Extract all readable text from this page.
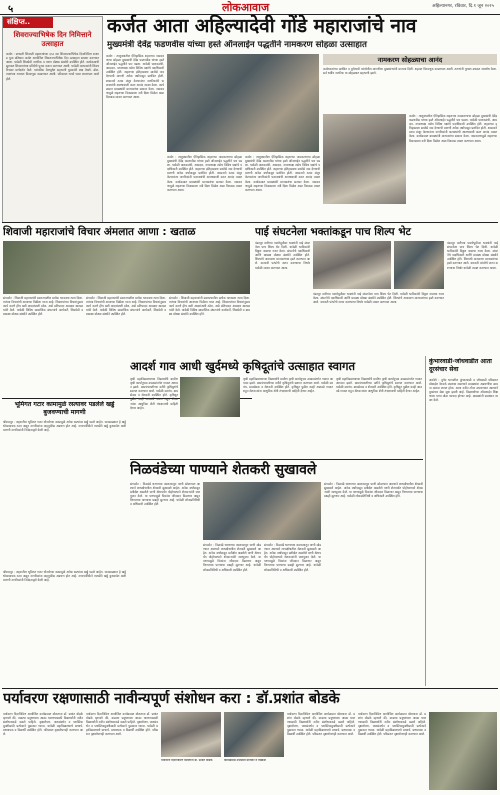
५	लोकआवाज	अहिल्यानगर, रविवार, दि.१ जून २०२५
संक्षिप्त..
शिवराज्याभिषेक दिन निमित्ताने उत्साहात
कर्जत : छत्रपती शिवाजी महाराजांच्या ३५२ व्या शिवराज्याभिषेक दिनानिमित्त राजगड युवा प्रतिष्ठान कर्जत आयोजित शिवराज्याभिषेक दिन उत्साहात साजरा करण्यात आला. यावेळी शिवप्रेमी नागरिक व तरुण मोठ्या संख्येने उपस्थित होते. कार्यक्रमाची सुरुवात शिवरायांच्या प्रतिमेचे पूजन करून करण्यात आली. यावेळी मान्यवरांनी शिवचरित्रावर मार्गदर्शन केले. पारंपरिक वेशभूषेत सहभागी युवकांनी लक्ष वेधले. ढोल-ताशांच्या गजरात मिरवणूक काढण्यात आली. परिसरात भगवे ध्वज लावण्यात आले होते.
कर्जत आता अहिल्यादेवी गोंडे महाराजांचे नाव
मुख्यमंत्री देवेंद्र फडणवीस यांच्या हस्ते ऑनलाईन पद्धतीने नामकरण सोहळा उत्साहात
कर्जत : तालुक्यातील ऐतिहासिक शहराच्या नामकरणाचा सोहळा मुख्यमंत्री देवेंद्र फडणवीस यांच्या हस्ते ऑनलाईन पद्धतीने पार पडला. यावेळी पालकमंत्री, आमदार, नगराध्यक्ष तसेच विविध पक्षांचे पदाधिकारी उपस्थित होते. शहराच्या इतिहासाला साजेसे नाव देण्याची मागणी अनेक वर्षांपासून प्रलंबित होती. शासनाने ठराव मंजूर केल्यानंतर नागरिकांनी फटाक्यांची आतषबाजी करत आनंद व्यक्त केला. कार्यक्रमात ग्रामस्थांनी मान्यवरांचा सत्कार केला. नामकरणामुळे शहराच्या विकासाला नवी दिशा मिळेल असा विश्वास व्यक्त करण्यात आला.
कर्जत : तालुक्यातील ऐतिहासिक शहराच्या नामकरणाचा सोहळा मुख्यमंत्री देवेंद्र फडणवीस यांच्या हस्ते ऑनलाईन पद्धतीने पार पडला. यावेळी पालकमंत्री, आमदार, नगराध्यक्ष तसेच विविध पक्षांचे पदाधिकारी उपस्थित होते. शहराच्या इतिहासाला साजेसे नाव देण्याची मागणी अनेक वर्षांपासून प्रलंबित होती. शासनाने ठराव मंजूर केल्यानंतर नागरिकांनी फटाक्यांची आतषबाजी करत आनंद व्यक्त केला. कार्यक्रमात ग्रामस्थांनी मान्यवरांचा सत्कार केला. नामकरणामुळे शहराच्या विकासाला नवी दिशा मिळेल असा विश्वास व्यक्त करण्यात आला.
कर्जत : तालुक्यातील ऐतिहासिक शहराच्या नामकरणाचा सोहळा मुख्यमंत्री देवेंद्र फडणवीस यांच्या हस्ते ऑनलाईन पद्धतीने पार पडला. यावेळी पालकमंत्री, आमदार, नगराध्यक्ष तसेच विविध पक्षांचे पदाधिकारी उपस्थित होते. शहराच्या इतिहासाला साजेसे नाव देण्याची मागणी अनेक वर्षांपासून प्रलंबित होती. शासनाने ठराव मंजूर केल्यानंतर नागरिकांनी फटाक्यांची आतषबाजी करत आनंद व्यक्त केला. कार्यक्रमात ग्रामस्थांनी मान्यवरांचा सत्कार केला. नामकरणामुळे शहराच्या विकासाला नवी दिशा मिळेल असा विश्वास व्यक्त करण्यात आला.
नामकरण सोहळ्याचा आनंद
कर्जतकरांच्या प्रलंबित व पुरोगामी परंपरेतील मागणीला मुख्यमंत्र्यांनी मान्यता दिली. शहरात मिरवणूक काढण्यात आली. तरुणांनी गुलाल उधळत जल्लोष केला. सर्व धर्मीय नागरिक या सोहळ्यात सहभागी झाले.
कर्जत : तालुक्यातील ऐतिहासिक शहराच्या नामकरणाचा सोहळा मुख्यमंत्री देवेंद्र फडणवीस यांच्या हस्ते ऑनलाईन पद्धतीने पार पडला. यावेळी पालकमंत्री, आमदार, नगराध्यक्ष तसेच विविध पक्षांचे पदाधिकारी उपस्थित होते. शहराच्या इतिहासाला साजेसे नाव देण्याची मागणी अनेक वर्षांपासून प्रलंबित होती. शासनाने ठराव मंजूर केल्यानंतर नागरिकांनी फटाक्यांची आतषबाजी करत आनंद व्यक्त केला. कार्यक्रमात ग्रामस्थांनी मान्यवरांचा सत्कार केला. नामकरणामुळे शहराच्या विकासाला नवी दिशा मिळेल असा विश्वास व्यक्त करण्यात आला.
शिवाजी महाराजांचे विचार अंमलात आणा : खताळ
संगमनेर : शिवाजी महाराजांनी स्वराज्यातील प्रत्येक घटकाला न्याय दिला. त्यांच्या विचारांची आजच्या पिढीला गरज आहे. शिवरायांच्या विचारांनुसार कार्य करणे हीच खरी आदरांजली ठरेल, असे प्रतिपादन आमदार खताळ यांनी केले. यावेळी विविध सामाजिक संघटनांचे कार्यकर्ते, शिवप्रेमी व ग्रामस्थ मोठ्या संख्येने उपस्थित होते.
संगमनेर : शिवाजी महाराजांनी स्वराज्यातील प्रत्येक घटकाला न्याय दिला. त्यांच्या विचारांची आजच्या पिढीला गरज आहे. शिवरायांच्या विचारांनुसार कार्य करणे हीच खरी आदरांजली ठरेल, असे प्रतिपादन आमदार खताळ यांनी केले. यावेळी विविध सामाजिक संघटनांचे कार्यकर्ते, शिवप्रेमी व ग्रामस्थ मोठ्या संख्येने उपस्थित होते.
संगमनेर : शिवाजी महाराजांनी स्वराज्यातील प्रत्येक घटकाला न्याय दिला. त्यांच्या विचारांची आजच्या पिढीला गरज आहे. शिवरायांच्या विचारांनुसार कार्य करणे हीच खरी आदरांजली ठरेल, असे प्रतिपादन आमदार खताळ यांनी केले. यावेळी विविध सामाजिक संघटनांचे कार्यकर्ते, शिवप्रेमी व ग्रामस्थ मोठ्या संख्येने उपस्थित होते.
पाई संघटनेला भक्तांकडून पाच शिल्प भेट
पंढरपूर वारीच्या पार्श्वभूमीवर भक्तांनी पाई संघटनेला पाच शिल्प भेट दिली. यावेळी भाविकांनी विठ्ठल नामाचा गजर केला. संघटनेचे पदाधिकारी आणि ग्रामस्थ मोठ्या संख्येने उपस्थित होते. शिल्पांचे अनावरण मान्यवरांच्या हस्ते करण्यात आले. वारकरी परंपरेचे जतन करण्याचा निर्धार यावेळी व्यक्त करण्यात आला.
पंढरपूर वारीच्या पार्श्वभूमीवर भक्तांनी पाई संघटनेला पाच शिल्प भेट दिली. यावेळी भाविकांनी विठ्ठल नामाचा गजर केला. संघटनेचे पदाधिकारी आणि ग्रामस्थ मोठ्या संख्येने उपस्थित होते. शिल्पांचे अनावरण मान्यवरांच्या हस्ते करण्यात आले. वारकरी परंपरेचे जतन करण्याचा निर्धार यावेळी व्यक्त करण्यात आला.
पंढरपूर वारीच्या पार्श्वभूमीवर भक्तांनी पाई संघटनेला पाच शिल्प भेट दिली. यावेळी भाविकांनी विठ्ठल नामाचा गजर केला. संघटनेचे पदाधिकारी आणि ग्रामस्थ मोठ्या संख्येने उपस्थित होते. शिल्पांचे अनावरण मान्यवरांच्या हस्ते करण्यात आले. वारकरी परंपरेचे जतन करण्याचा निर्धार यावेळी व्यक्त करण्यात आला.
भूमिगत गटार कामामुळे रस्त्यावर पडलेले खड्डे बुजवण्याची मागणी
श्रीरामपूर : शहरातील भूमिगत गटार योजनेच्या कामामुळे अनेक रस्त्यांवर खड्डे पडले आहेत. पावसाळ्यात हे खड्डे धोकादायक ठरत असून नागरिकांना वाहतुकीस अडचण होत आहे. नगरपालिकेने तातडीने खड्डे बुजवावेत अशी मागणी नागरिकांनी निवेदनाद्वारे केली आहे.
आदर्श गाव आधी खुर्दमध्ये कृषिदूतांचे उत्साहात स्वागत
कृषी महाविद्यालयाच्या विद्यार्थ्यांचे ग्रामीण कृषी कार्यानुभव उपक्रमांतर्गत गावात आगमन झाले. ग्रामपंचायतीच्या वतीने कृषिदूतांचे स्वागत करण्यात आले. यावेळी सरपंच, ग्रामसेवक व शेतकरी उपस्थित होते. कृषिदूत पुढील काही आठवडे गावात राहून शेतकऱ्यांना आधुनिक शेती तंत्रज्ञानाची माहिती देणार आहेत.
कृषी महाविद्यालयाच्या विद्यार्थ्यांचे ग्रामीण कृषी कार्यानुभव उपक्रमांतर्गत गावात आगमन झाले. ग्रामपंचायतीच्या वतीने कृषिदूतांचे स्वागत करण्यात आले. यावेळी सरपंच, ग्रामसेवक व शेतकरी उपस्थित होते. कृषिदूत पुढील काही आठवडे गावात राहून शेतकऱ्यांना आधुनिक शेती तंत्रज्ञानाची माहिती देणार आहेत.
कृषी महाविद्यालयाच्या विद्यार्थ्यांचे ग्रामीण कृषी कार्यानुभव उपक्रमांतर्गत गावात आगमन झाले. ग्रामपंचायतीच्या वतीने कृषिदूतांचे स्वागत करण्यात आले. यावेळी सरपंच, ग्रामसेवक व शेतकरी उपस्थित होते. कृषिदूत पुढील काही आठवडे गावात राहून शेतकऱ्यांना आधुनिक शेती तंत्रज्ञानाची माहिती देणार आहेत.
कुंभारवाडी-जोधवाडीत आता दूरसंचार सेवा
अकोले : दुर्गम भागातील कुंभारवाडी व जोधवाडी परिसरात मोबाईल नेटवर्क उपलब्ध नसल्याने ग्रामस्थांना अडचणींचा सामना करावा लागत होता. आता नवीन टॉवर उभारण्यात आल्याने दूरसंचार सेवा सुरू झाली आहे. विद्यार्थ्यांच्या ऑनलाईन शिक्षणाला याचा मोठा फायदा होणार आहे. ग्रामस्थांनी समाधान व्यक्त केले.
निळवंडेच्या पाण्याने शेतकरी सुखावले
संगमनेर : निळवंडे धरणाच्या कालव्यातून पाणी सोडण्यात आल्याने लाभक्षेत्रातील शेतकरी सुखावले आहेत. अनेक वर्षांपासून प्रतीक्षेत असलेले पाणी शेतापर्यंत पोहोचल्याने शेतकऱ्यांनी जलपूजन केले. या पाण्यामुळे पिकांना जीवदान मिळणार असून पिण्याच्या पाण्याचा प्रश्नही सुटणार आहे. यावेळी लोकप्रतिनिधी व अधिकारी उपस्थित होते.
संगमनेर : निळवंडे धरणाच्या कालव्यातून पाणी सोडण्यात आल्याने लाभक्षेत्रातील शेतकरी सुखावले आहेत. अनेक वर्षांपासून प्रतीक्षेत असलेले पाणी शेतापर्यंत पोहोचल्याने शेतकऱ्यांनी जलपूजन केले. या पाण्यामुळे पिकांना जीवदान मिळणार असून पिण्याच्या पाण्याचा प्रश्नही सुटणार आहे. यावेळी लोकप्रतिनिधी व अधिकारी उपस्थित होते.
संगमनेर : निळवंडे धरणाच्या कालव्यातून पाणी सोडण्यात आल्याने लाभक्षेत्रातील शेतकरी सुखावले आहेत. अनेक वर्षांपासून प्रतीक्षेत असलेले पाणी शेतापर्यंत पोहोचल्याने शेतकऱ्यांनी जलपूजन केले. या पाण्यामुळे पिकांना जीवदान मिळणार असून पिण्याच्या पाण्याचा प्रश्नही सुटणार आहे. यावेळी लोकप्रतिनिधी व अधिकारी उपस्थित होते.
संगमनेर : निळवंडे धरणाच्या कालव्यातून पाणी सोडण्यात आल्याने लाभक्षेत्रातील शेतकरी सुखावले आहेत. अनेक वर्षांपासून प्रतीक्षेत असलेले पाणी शेतापर्यंत पोहोचल्याने शेतकऱ्यांनी जलपूजन केले. या पाण्यामुळे पिकांना जीवदान मिळणार असून पिण्याच्या पाण्याचा प्रश्नही सुटणार आहे. यावेळी लोकप्रतिनिधी व अधिकारी उपस्थित होते.
श्रीरामपूर : शहरातील भूमिगत गटार योजनेच्या कामामुळे अनेक रस्त्यांवर खड्डे पडले आहेत. पावसाळ्यात हे खड्डे धोकादायक ठरत असून नागरिकांना वाहतुकीस अडचण होत आहे. नगरपालिकेने तातडीने खड्डे बुजवावेत अशी मागणी नागरिकांनी निवेदनाद्वारे केली आहे.
पर्यावरण रक्षणासाठी नावीन्यपूर्ण संशोधन करा : डॉ.प्रशांत बोडके
पर्यावरण दिनानिमित्त आयोजित कार्यक्रमात बोलताना डॉ. प्रशांत बोडके म्हणाले की, वाढत्या प्रदूषणाला आळा घालण्यासाठी विद्यार्थ्यांनी नवीन संशोधनाकडे वळले पाहिजे. वृक्षारोपण, जलसंवर्धन व प्लास्टिकमुक्तीसाठी प्रत्येकाने पुढाकार घ्यावा. यावेळी महाविद्यालयाचे प्राचार्य, प्राध्यापक व विद्यार्थी उपस्थित होते. परिसरात वृक्षारोपणही करण्यात आले.
पर्यावरण दिनानिमित्त आयोजित कार्यक्रमात बोलताना डॉ. प्रशांत बोडके म्हणाले की, वाढत्या प्रदूषणाला आळा घालण्यासाठी विद्यार्थ्यांनी नवीन संशोधनाकडे वळले पाहिजे. वृक्षारोपण, जलसंवर्धन व प्लास्टिकमुक्तीसाठी प्रत्येकाने पुढाकार घ्यावा. यावेळी महाविद्यालयाचे प्राचार्य, प्राध्यापक व विद्यार्थी उपस्थित होते. परिसरात वृक्षारोपणही करण्यात आले.
पर्यावरण दिनानिमित्त बोलताना डॉ. प्रशांत बोडके	कार्यक्रमास उपस्थित मान्यवर व विद्यार्थी
पर्यावरण दिनानिमित्त आयोजित कार्यक्रमात बोलताना डॉ. प्रशांत बोडके म्हणाले की, वाढत्या प्रदूषणाला आळा घालण्यासाठी विद्यार्थ्यांनी नवीन संशोधनाकडे वळले पाहिजे. वृक्षारोपण, जलसंवर्धन व प्लास्टिकमुक्तीसाठी प्रत्येकाने पुढाकार घ्यावा. यावेळी महाविद्यालयाचे प्राचार्य, प्राध्यापक व विद्यार्थी उपस्थित होते. परिसरात वृक्षारोपणही करण्यात आले.
पर्यावरण दिनानिमित्त आयोजित कार्यक्रमात बोलताना डॉ. प्रशांत बोडके म्हणाले की, वाढत्या प्रदूषणाला आळा घालण्यासाठी विद्यार्थ्यांनी नवीन संशोधनाकडे वळले पाहिजे. वृक्षारोपण, जलसंवर्धन व प्लास्टिकमुक्तीसाठी प्रत्येकाने पुढाकार घ्यावा. यावेळी महाविद्यालयाचे प्राचार्य, प्राध्यापक व विद्यार्थी उपस्थित होते. परिसरात वृक्षारोपणही करण्यात आले.
